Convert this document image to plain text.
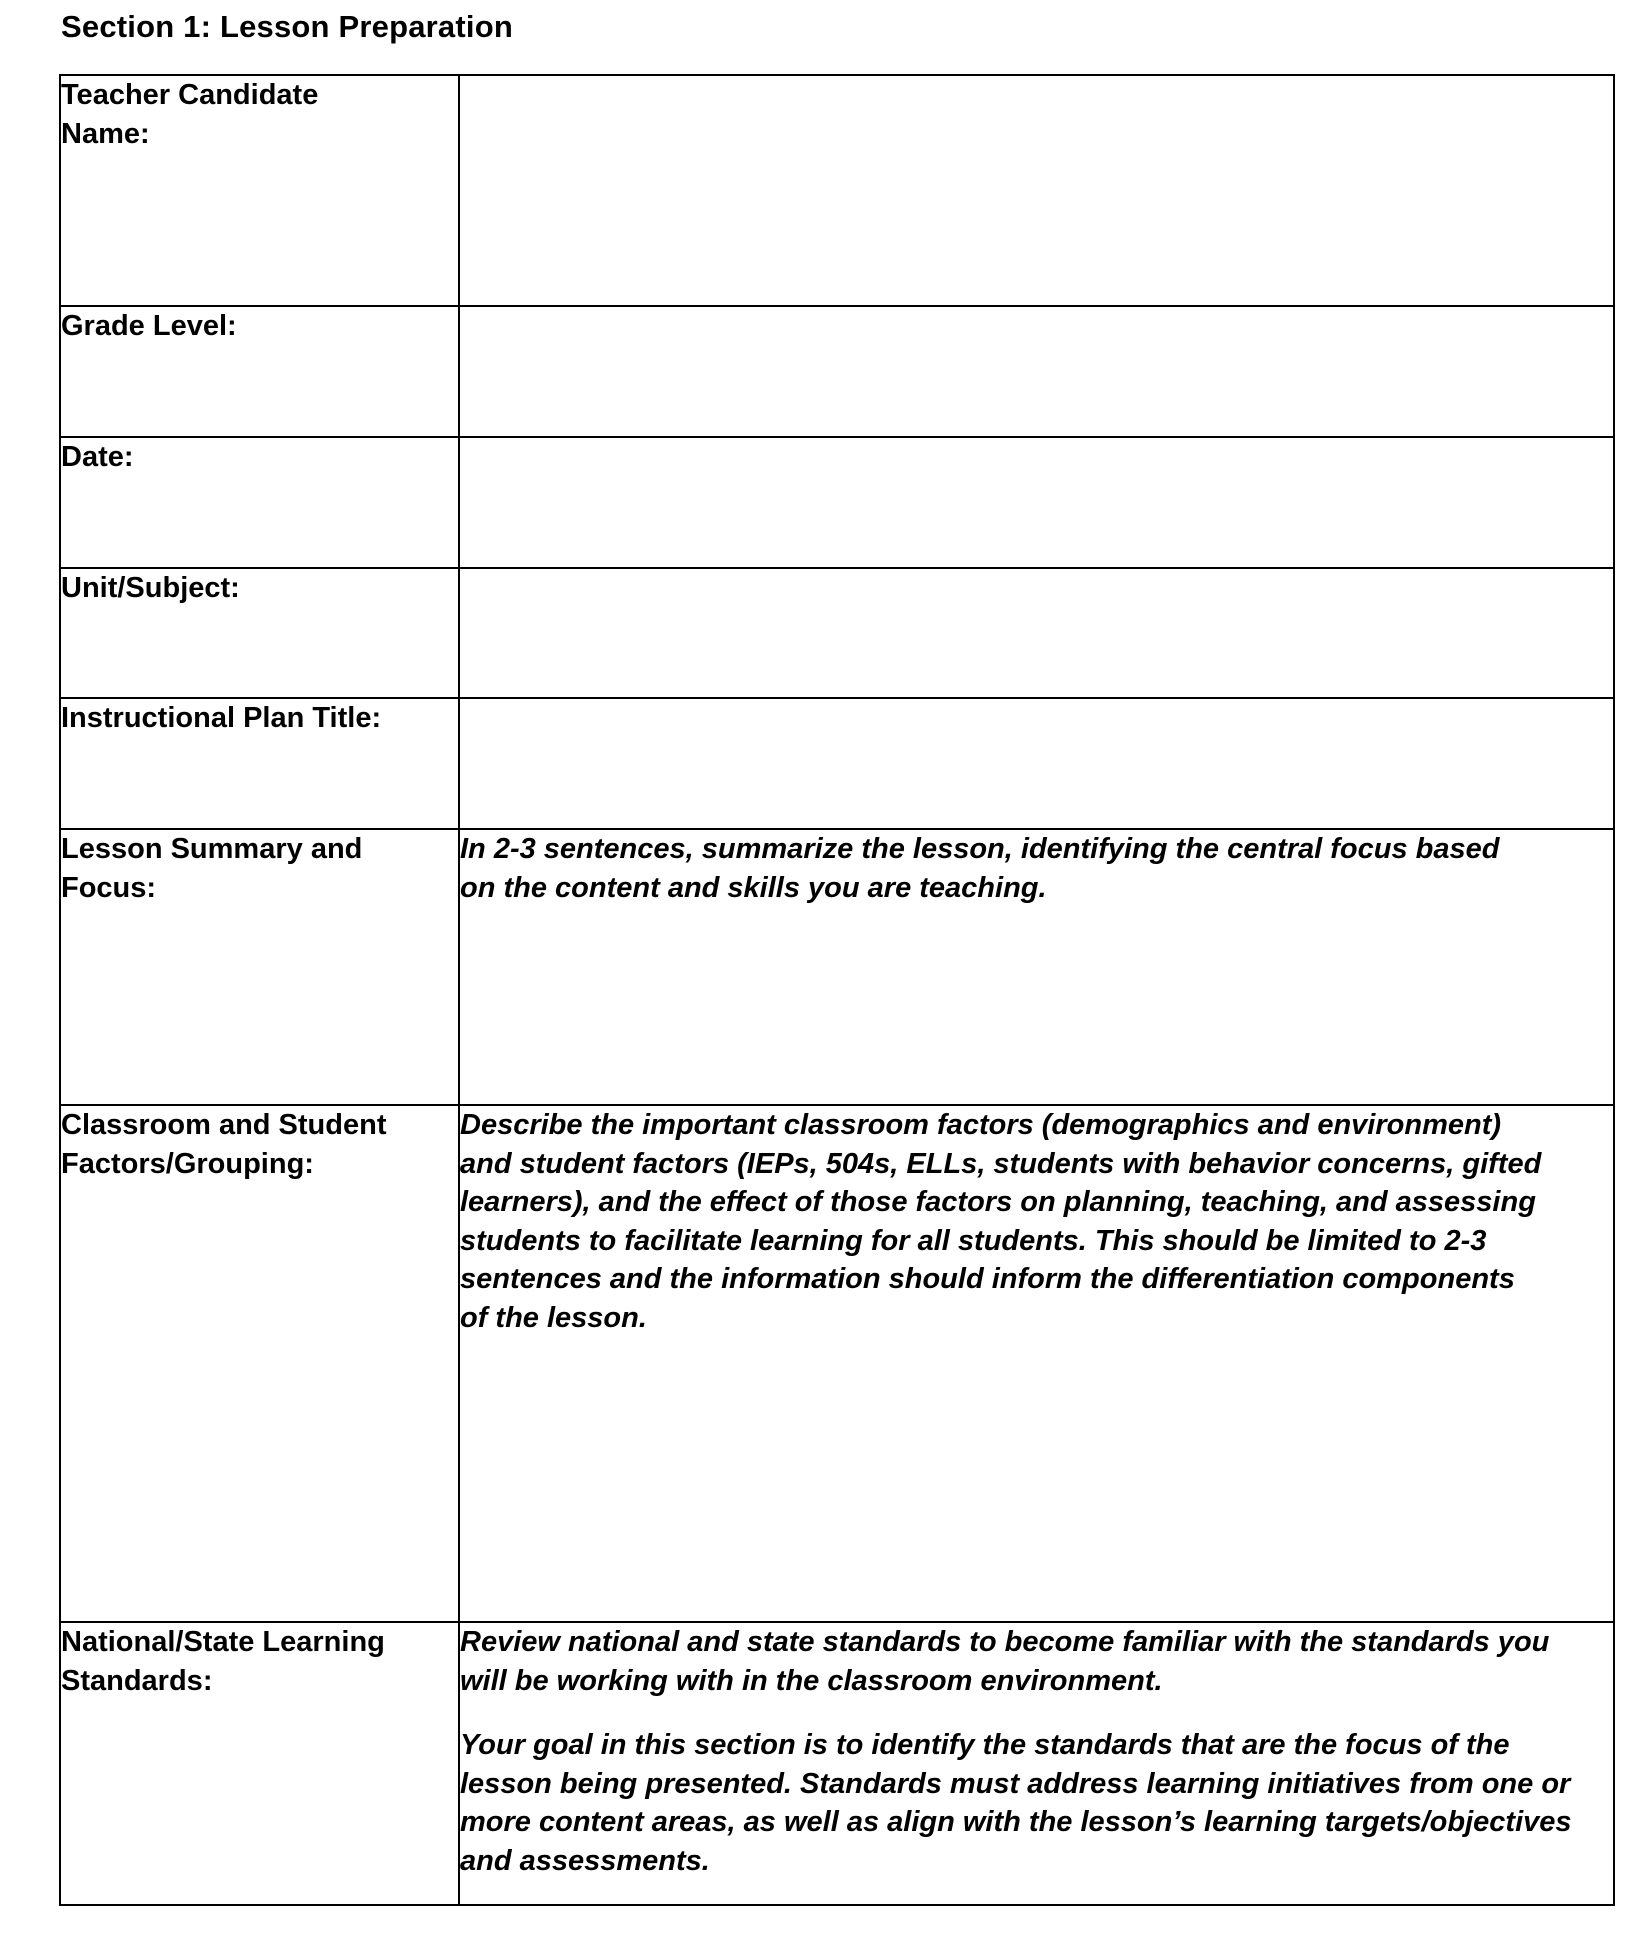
Section 1: Lesson Preparation
Teacher Candidate Name:	

Grade Level:	

Date:	

Unit/Subject:	

Instructional Plan Title:	

Lesson Summary and Focus:	In 2-3 sentences, summarize the lesson, identifying the central focus based on the content and skills you are teaching.

Classroom and Student Factors/Grouping:	Describe the important classroom factors (demographics and environment) and student factors (IEPs, 504s, ELLs, students with behavior concerns, gifted learners), and the effect of those factors on planning, teaching, and assessing students to facilitate learning for all students. This should be limited to 2-3 sentences and the information should inform the differentiation components of the lesson.

National/State Learning Standards:	Review national and state standards to become familiar with the standards you will be working with in the classroom environment.
Your goal in this section is to identify the standards that are the focus of the lesson being presented. Standards must address learning initiatives from one or more content areas, as well as align with the lesson’s learning targets/objectives and assessments.
